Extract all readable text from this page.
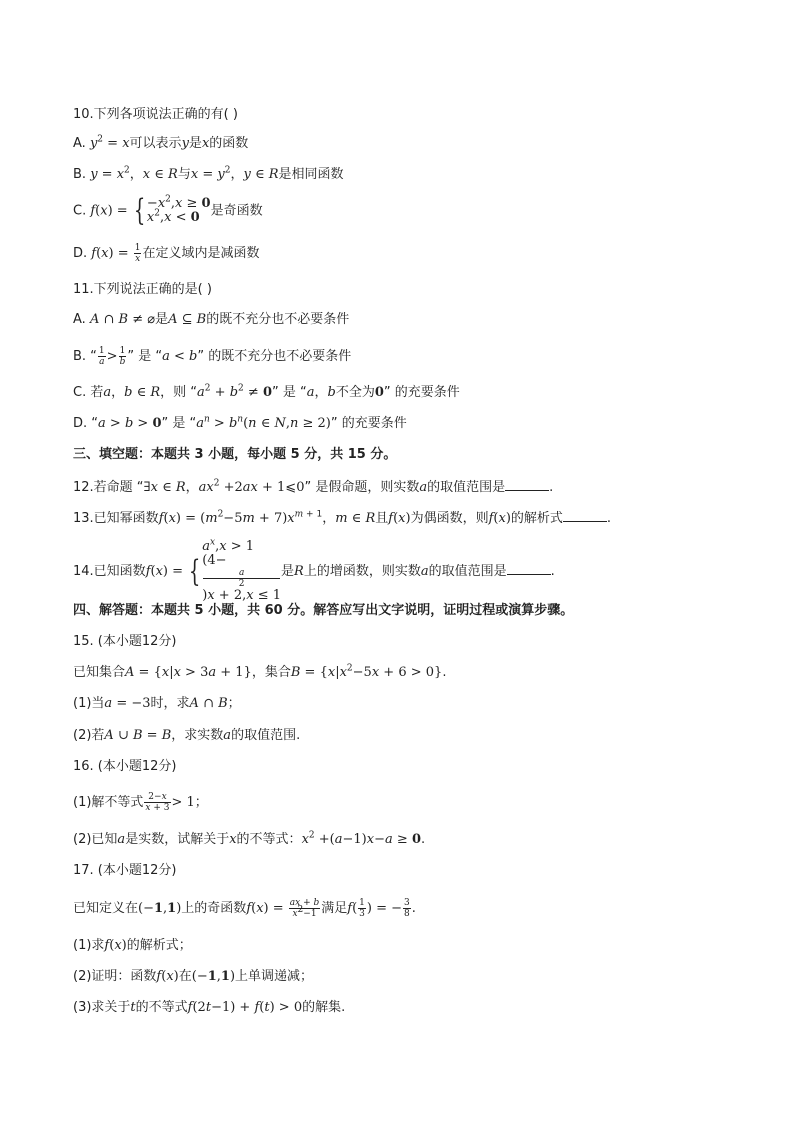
10.下列各项说法正确的有( )
A. $y^2 = x$可以表示y是x的函数
B. $y = x^2$，x ∈ R与$x = y^2$，y ∈ R是相同函数
C. f(x) = { $-x^2,x \ge 0$
$x^2,x < 0$ 是奇函数
D. $f(x) = \frac{1}{x}$ 在定义域内是减函数
11.下列说法正确的是( )
A. A ∩ B ≠ ⌀是A ⊆ B的既不充分也不必要条件
B. “ $\frac{1}{a} > \frac{1}{b}$ ” 是 “a < b” 的既不充分也不必要条件
C. 若a，b ∈ R，则 “$a^2 + b^2 \ne 0$” 是 “a，b不全为0” 的充要条件
D. “a > b > 0” 是 “$a^n > b^n(n$ ∈ N,n ≥ 2)” 的充要条件
三、填空题：本题共 3 小题，每小题 5 分，共 15 分。
12.若命题 “∃x ∈ R，$ax^2 +2ax$ + 1⩽0” 是假命题，则实数a的取值范围是	.
13.已知幂函数$f(x) = (m^2-5m + 7)x^{m + 1}$，m ∈ R且f(x)为偶函数，则f(x)的解析式	.
14.已知函数f(x) = {
$a^x,x > 1$
(4−
a
2
)x + 2,x ≤ 1
是R上的增函数，则实数a的取值范围是	.
四、解答题：本题共 5 小题，共 60 分。解答应写出文字说明，证明过程或演算步骤。
15. (本小题12分)
已知集合A = {x|x > 3a + 1}，集合$B = \{x|x^2-5x + 6 > 0\}$.
(1)当a = −3时，求A ∩ B；
(2)若A ∪ B = B，求实数a的取值范围.
16. (本小题12分)
(1)解不等式 $\frac{2-x}{x + 3} > 1$；
(2)已知a是实数，试解关于x的不等式：$x^2 +(a-1)x-a \ge 0$.
17. (本小题12分)
已知定义在(−1,1)上的奇函数$f(x) = \frac{ax + b}{x^2-1}$ 满足$f( \frac{1}{3}$ ) = − $\frac{3}{8}$ .
(1)求f(x)的解析式；
(2)证明：函数f(x)在(−1,1)上单调递减；
(3)求关于t的不等式f(2t−1) + f(t) > 0的解集.
